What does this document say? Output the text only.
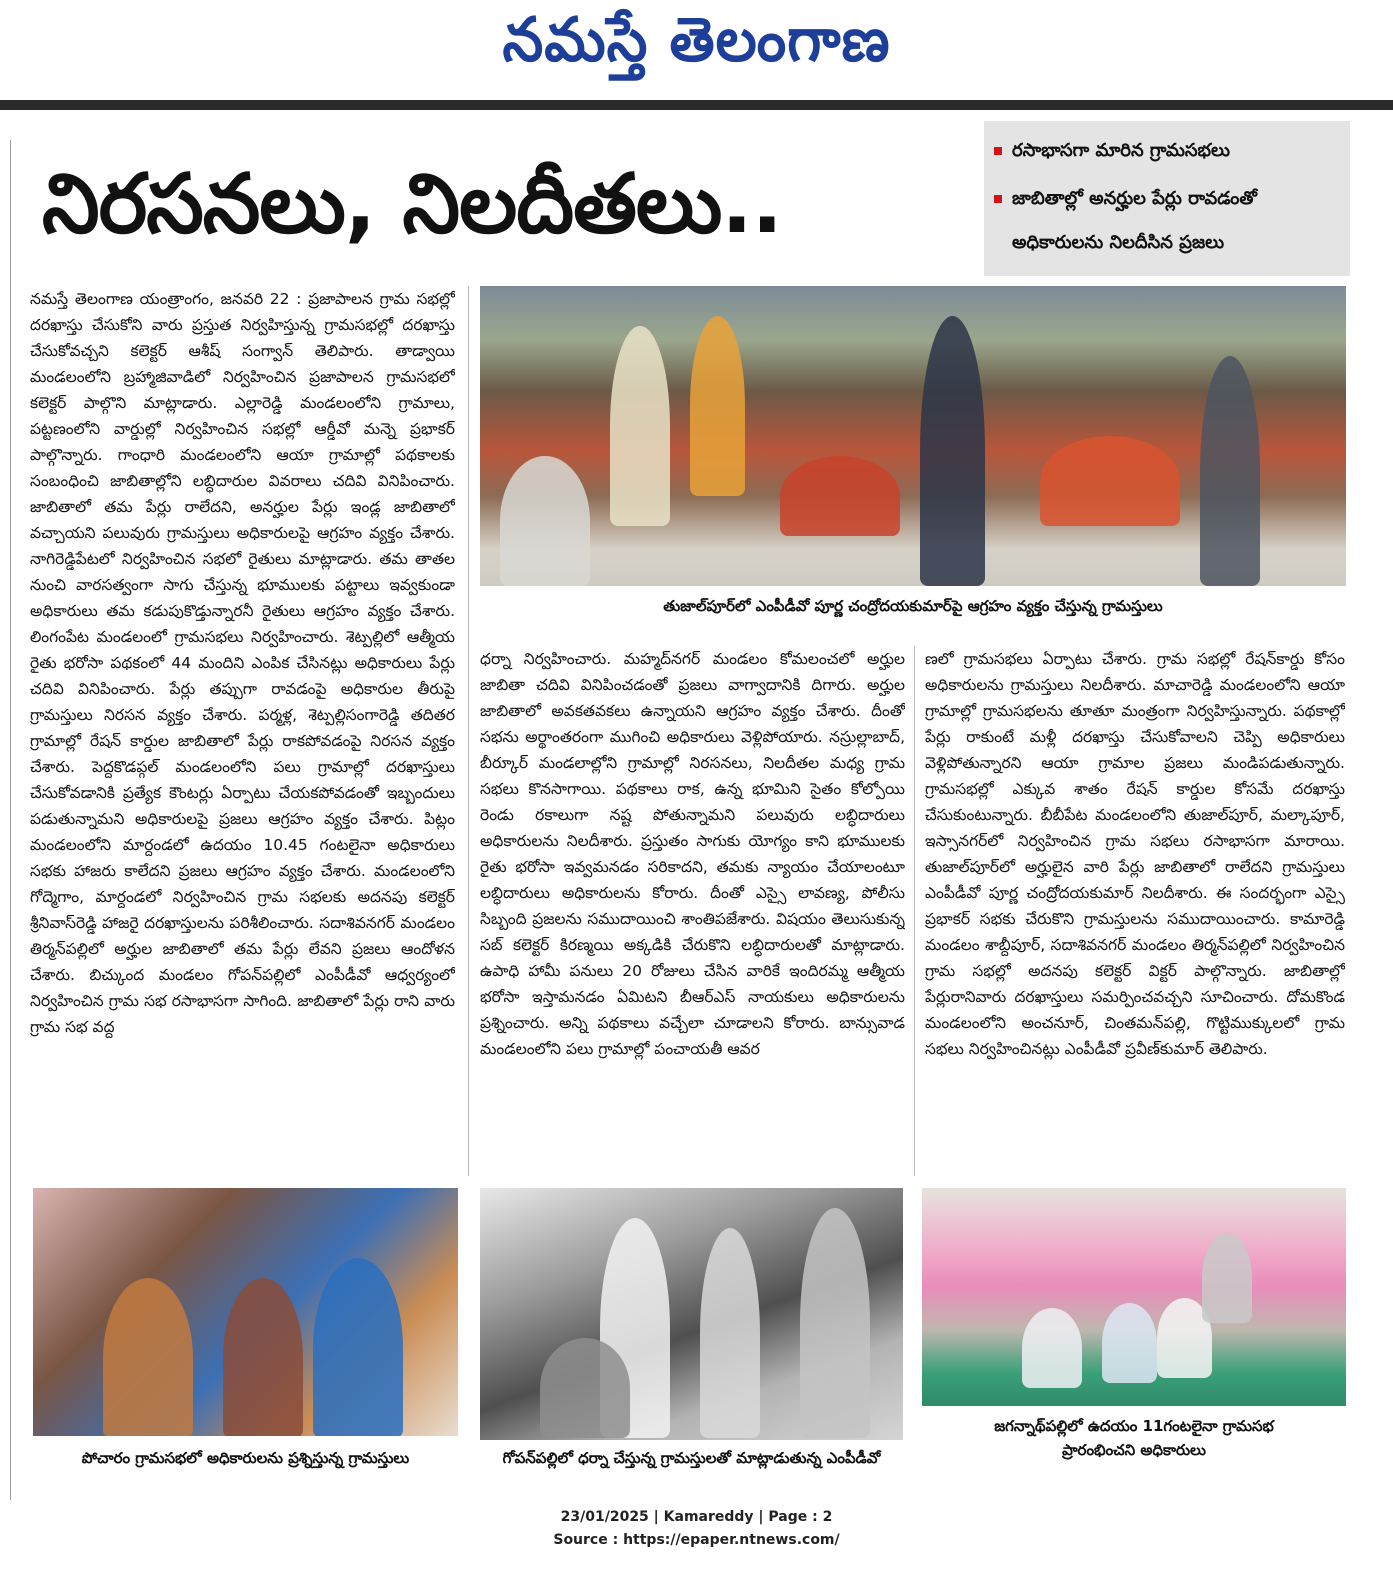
నమస్తే తెలంగాణ
నిరసనలు, నిలదీతలు..
రసాభాసగా మారిన గ్రామసభలు
జాబితాల్లో అనర్హుల పేర్లు రావడంతో
అధికారులను నిలదీసిన ప్రజలు
తుజాల్‌పూర్‌లో ఎంపీడీవో పూర్ణ చంద్రోదయకుమార్‌పై ఆగ్రహం వ్యక్తం చేస్తున్న గ్రామస్తులు

నమస్తే తెలంగాణ యంత్రాంగం, జనవరి 22 : ప్రజాపాలన గ్రామ సభల్లో దరఖాస్తు చేసుకోని వారు ప్రస్తుత నిర్వహిస్తున్న గ్రామసభల్లో దరఖాస్తు చేసుకోవచ్చని కలెక్టర్ ఆశీష్ సంగ్వాన్ తెలిపారు. తాడ్వాయి మండలంలోని బ్రహ్మాజివాడిలో నిర్వహించిన ప్రజాపాలన గ్రామసభలో కలెక్టర్ పాల్గొని మాట్లాడారు. ఎల్లారెడ్డి మండలంలోని గ్రామాలు, పట్టణంలోని వార్డుల్లో నిర్వహించిన సభల్లో ఆర్డీవో మన్నె ప్రభాకర్ పాల్గొన్నారు. గాంధారి మండలంలోని ఆయా గ్రామాల్లో పథకాలకు సంబంధించి జాబితాల్లోని లబ్ధిదారుల వివరాలు చదివి వినిపించారు. జాబితాలో తమ పేర్లు రాలేదని, అనర్హుల పేర్లు ఇండ్ల జాబితాలో వచ్చాయని పలువురు గ్రామస్తులు అధికారులపై ఆగ్రహం వ్యక్తం చేశారు. నాగిరెడ్డిపేటలో నిర్వహించిన సభలో రైతులు మాట్లాడారు. తమ తాతల నుంచి వారసత్వంగా సాగు చేస్తున్న భూములకు పట్టాలు ఇవ్వకుండా అధికారులు తమ కడుపుకొడ్తున్నారనీ రైతులు ఆగ్రహం వ్యక్తం చేశారు. లింగంపేట మండలంలో గ్రామసభలు నిర్వహించారు. శెట్పల్లిలో ఆత్మీయ రైతు భరోసా పథకంలో 44 మందిని ఎంపిక చేసినట్లు అధికారులు పేర్లు చదివి వినిపించారు. పేర్లు తప్పుగా రావడంపై అధికారుల తీరుపై గ్రామస్తులు నిరసన వ్యక్తం చేశారు. పర్మళ్ల, శెట్పల్లిసంగారెడ్డి తదితర గ్రామాల్లో రేషన్ కార్డుల జాబితాలో పేర్లు రాకపోవడంపై నిరసన వ్యక్తం చేశారు. పెద్దకొడప్గల్ మండలంలోని పలు గ్రామాల్లో దరఖాస్తులు చేసుకోవడానికి ప్రత్యేక కౌంటర్లు ఏర్పాటు చేయకపోవడంతో ఇబ్బందులు పడుతున్నామని అధికారులపై ప్రజలు ఆగ్రహం వ్యక్తం చేశారు. పిట్లం మండలంలోని మార్దండలో ఉదయం 10.45 గంటలైనా అధికారులు సభకు హాజరు కాలేదని ప్రజలు ఆగ్రహం వ్యక్తం చేశారు. మండలంలోని గోద్మెగాం, మార్దండలో నిర్వహించిన గ్రామ సభలకు అదనపు కలెక్టర్ శ్రీనివాస్‌రెడ్డి హాజరై దరఖాస్తులను పరిశీలించారు. సదాశివనగర్ మండలం తిర్మన్‌పల్లిలో అర్హుల జాబితాలో తమ పేర్లు లేవని ప్రజలు ఆందోళన చేశారు. బిచ్కుంద మండలం గోపన్‌పల్లిలో ఎంపీడీవో ఆధ్వర్యంలో నిర్వహించిన గ్రామ సభ రసాభాసగా సాగింది. జాబితాలో పేర్లు రాని వారు గ్రామ సభ వద్ద

ధర్నా నిర్వహించారు. మహ్మద్‌నగర్ మండలం కోమలంచలో అర్హుల జాబితా చదివి వినిపించడంతో ప్రజలు వాగ్వాదానికి దిగారు. అర్హుల జాబితాలో అవకతవకలు ఉన్నాయని ఆగ్రహం వ్యక్తం చేశారు. దీంతో సభను అర్థాంతరంగా ముగించి అధికారులు వెళ్లిపోయారు. నస్రుల్లాబాద్, బీర్కూర్ మండలాల్లోని గ్రామాల్లో నిరసనలు, నిలదీతల మధ్య గ్రామ సభలు కొనసాగాయి. పథకాలు రాక, ఉన్న భూమిని సైతం కోల్పోయి రెండు రకాలుగా నష్ట పోతున్నామని పలువురు లబ్ధిదారులు అధికారులను నిలదీశారు. ప్రస్తుతం సాగుకు యోగ్యం కాని భూములకు రైతు భరోసా ఇవ్వమనడం సరికాదని, తమకు న్యాయం చేయాలంటూ లబ్ధిదారులు అధికారులను కోరారు. దీంతో ఎస్సై లావణ్య, పోలీసు సిబ్బంది ప్రజలను సముదాయించి శాంతిపజేశారు. విషయం తెలుసుకున్న సబ్ కలెక్టర్ కిరణ్మయి అక్కడికి చేరుకొని లబ్ధిదారులతో మాట్లాడారు. ఉపాధి హామీ పనులు 20 రోజులు చేసిన వారికే ఇందిరమ్మ ఆత్మీయ భరోసా ఇస్తామనడం ఏమిటని బీఆర్ఎస్ నాయకులు అధికారులను ప్రశ్నించారు. అన్ని పథకాలు వచ్చేలా చూడాలని కోరారు. బాన్సువాడ మండలంలోని పలు గ్రామాల్లో పంచాయతీ ఆవర

ణలో గ్రామసభలు ఏర్పాటు చేశారు. గ్రామ సభల్లో రేషన్‌కార్డు కోసం అధికారులను గ్రామస్తులు నిలదీశారు. మాచారెడ్డి మండలంలోని ఆయా గ్రామాల్లో గ్రామసభలను తూతూ మంత్రంగా నిర్వహిస్తున్నారు. పథకాల్లో పేర్లు రాకుంటే మళ్లీ దరఖాస్తు చేసుకోవాలని చెప్పి అధికారులు వెళ్లిపోతున్నారని ఆయా గ్రామాల ప్రజలు మండిపడుతున్నారు. గ్రామసభల్లో ఎక్కువ శాతం రేషన్ కార్డుల కోసమే దరఖాస్తు చేసుకుంటున్నారు. బీబీపేట మండలంలోని తుజాల్‌పూర్, మల్కాపూర్, ఇస్సానగర్‌లో నిర్వహించిన గ్రామ సభలు రసాభాసగా మారాయి. తుజాల్‌పూర్‌లో అర్హులైన వారి పేర్లు జాబితాలో రాలేదని గ్రామస్తులు ఎంపీడీవో పూర్ణ చంద్రోదయకుమార్ నిలదీశారు. ఈ సందర్భంగా ఎస్సై ప్రభాకర్ సభకు చేరుకొని గ్రామస్తులను సముదాయించారు. కామారెడ్డి మండలం శాబ్దీపూర్, సదాశివనగర్ మండలం తిర్మన్‌పల్లిలో నిర్వహించిన గ్రామ సభల్లో అదనపు కలెక్టర్ విక్టర్ పాల్గొన్నారు. జాబితాల్లో పేర్లురానివారు దరఖాస్తులు సమర్పించవచ్చని సూచించారు. దోమకొండ మండలంలోని అంచనూర్, చింతమన్‌పల్లి, గొట్టిముక్కులలో గ్రామ సభలు నిర్వహించినట్లు ఎంపీడీవో ప్రవీణ్‌కుమార్ తెలిపారు.

పోచారం గ్రామసభలో అధికారులను ప్రశ్నిస్తున్న గ్రామస్తులు	గోపన్‌పల్లిలో ధర్నా చేస్తున్న గ్రామస్తులతో మాట్లాడుతున్న ఎంపీడీవో
జగన్నాథ్‌పల్లిలో ఉదయం 11గంటలైనా గ్రామసభ
ప్రారంభించని అధికారులు
23/01/2025 | Kamareddy | Page : 2
Source : https://epaper.ntnews.com/
